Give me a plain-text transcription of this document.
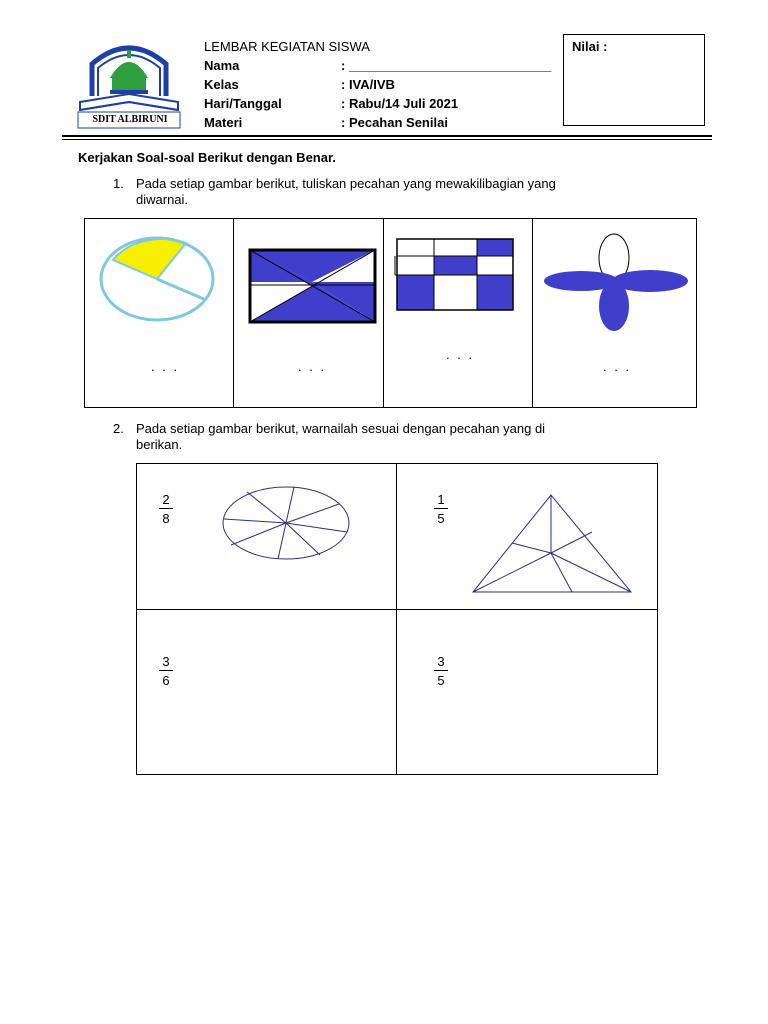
SDIT ALBIRUNI
LEMBAR KEGIATAN SISWA
Nama	: ____________________________
Kelas	: IVA/IVB
Hari/Tanggal	: Rabu/14 Juli 2021
Materi	: Pecahan Senilai
Nilai :
Kerjakan Soal-soal Berikut dengan Benar.
1. Pada setiap gambar berikut, tuliskan pecahan yang mewakilibagian yang
diwarnai.
. . .	. . .
. . .
. . .
2. Pada setiap gambar berikut, warnailah sesuai dengan pecahan yang di
berikan.
2
8
1
5
3
6
3
5
